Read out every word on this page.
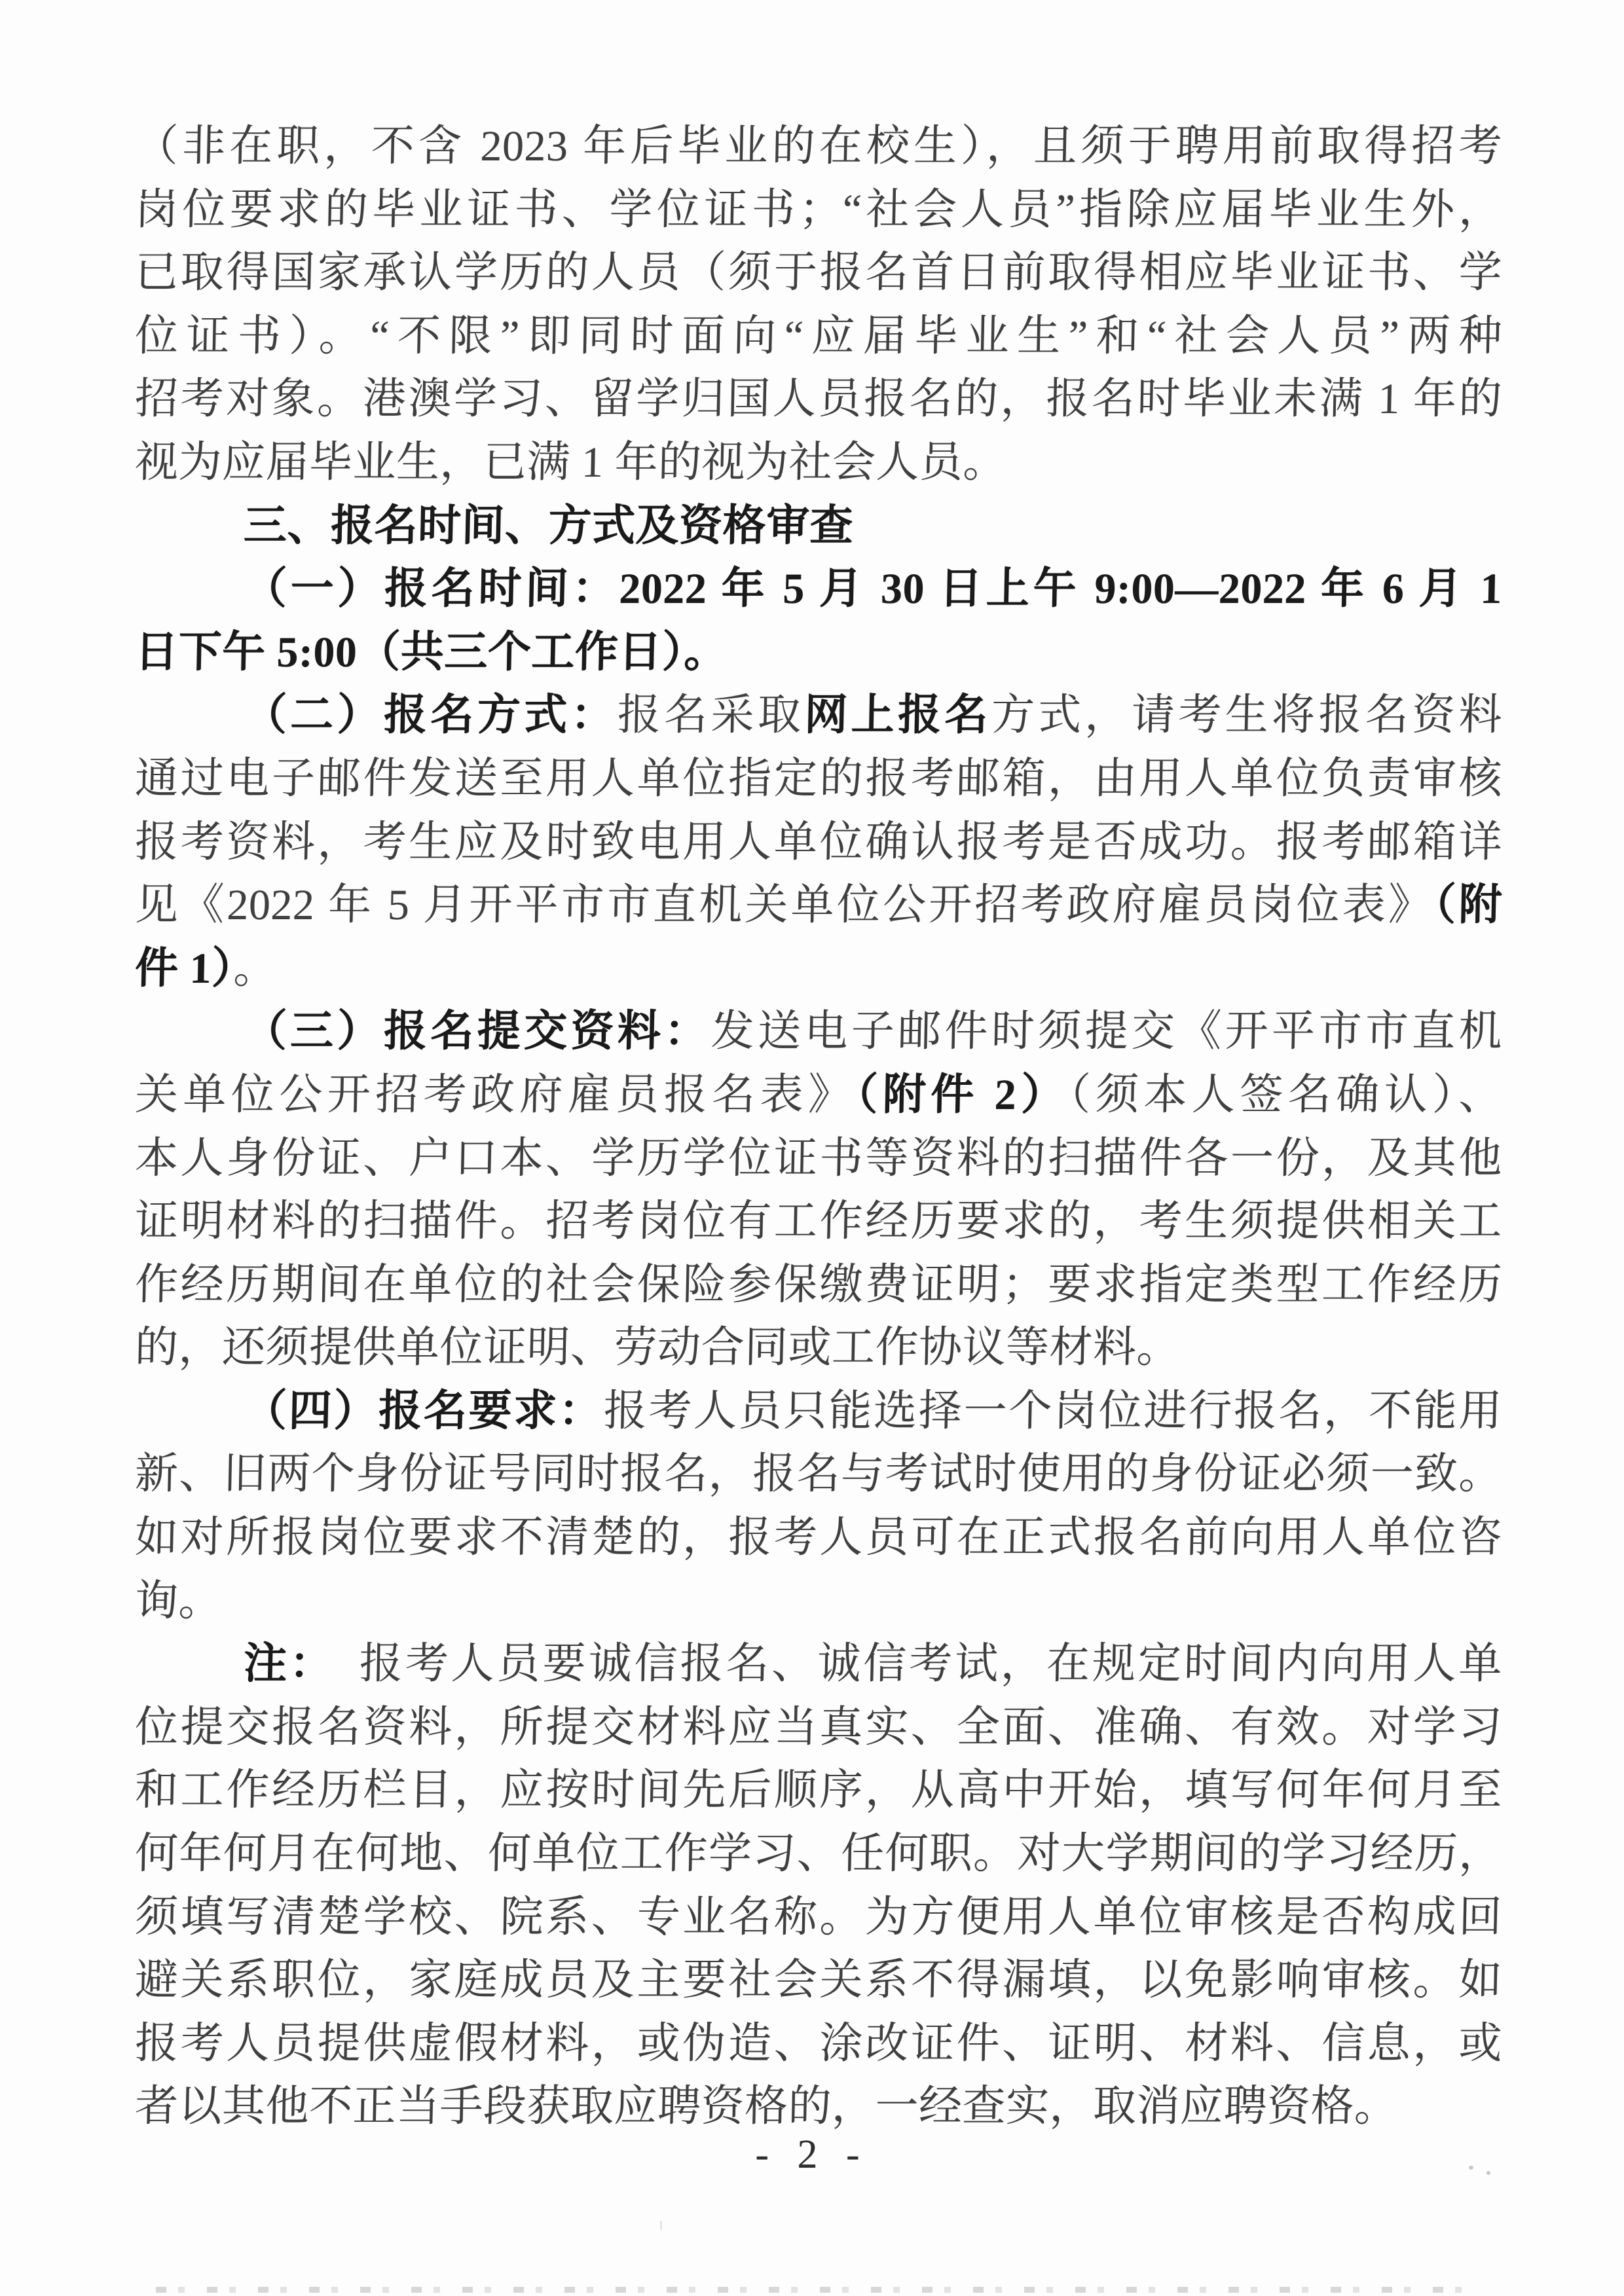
（非在职，不含 2023 年后毕业的在校生），且须于聘用前取得招考
岗位要求的毕业证书、学位证书；“社会人员”指除应届毕业生外，
已取得国家承认学历的人员（须于报名首日前取得相应毕业证书、学
位证书）。“不限”即同时面向“应届毕业生”和“社会人员”两种
招考对象。港澳学习、留学归国人员报名的，报名时毕业未满 1 年的
视为应届毕业生，已满 1 年的视为社会人员。
三、报名时间、方式及资格审查
（一）报名时间：2022 年 5 月 30 日上午 9:00—2022 年 6 月 1
日下午 5:00（共三个工作日）。
（二）报名方式：报名采取网上报名方式，请考生将报名资料
通过电子邮件发送至用人单位指定的报考邮箱，由用人单位负责审核
报考资料，考生应及时致电用人单位确认报考是否成功。报考邮箱详
见《2022 年 5 月开平市市直机关单位公开招考政府雇员岗位表》（附
件 1）。
（三）报名提交资料：发送电子邮件时须提交《开平市市直机
关单位公开招考政府雇员报名表》（附件 2）（须本人签名确认）、
本人身份证、户口本、学历学位证书等资料的扫描件各一份，及其他
证明材料的扫描件。招考岗位有工作经历要求的，考生须提供相关工
作经历期间在单位的社会保险参保缴费证明；要求指定类型工作经历
的，还须提供单位证明、劳动合同或工作协议等材料。
（四）报名要求：报考人员只能选择一个岗位进行报名，不能用
新、旧两个身份证号同时报名，报名与考试时使用的身份证必须一致。
如对所报岗位要求不清楚的，报考人员可在正式报名前向用人单位咨
询。
注：　报考人员要诚信报名、诚信考试，在规定时间内向用人单
位提交报名资料，所提交材料应当真实、全面、准确、有效。对学习
和工作经历栏目，应按时间先后顺序，从高中开始，填写何年何月至
何年何月在何地、何单位工作学习、任何职。对大学期间的学习经历，
须填写清楚学校、院系、专业名称。为方便用人单位审核是否构成回
避关系职位，家庭成员及主要社会关系不得漏填，以免影响审核。如
报考人员提供虚假材料，或伪造、涂改证件、证明、材料、信息，或
者以其他不正当手段获取应聘资格的，一经查实，取消应聘资格。
- 2 -
